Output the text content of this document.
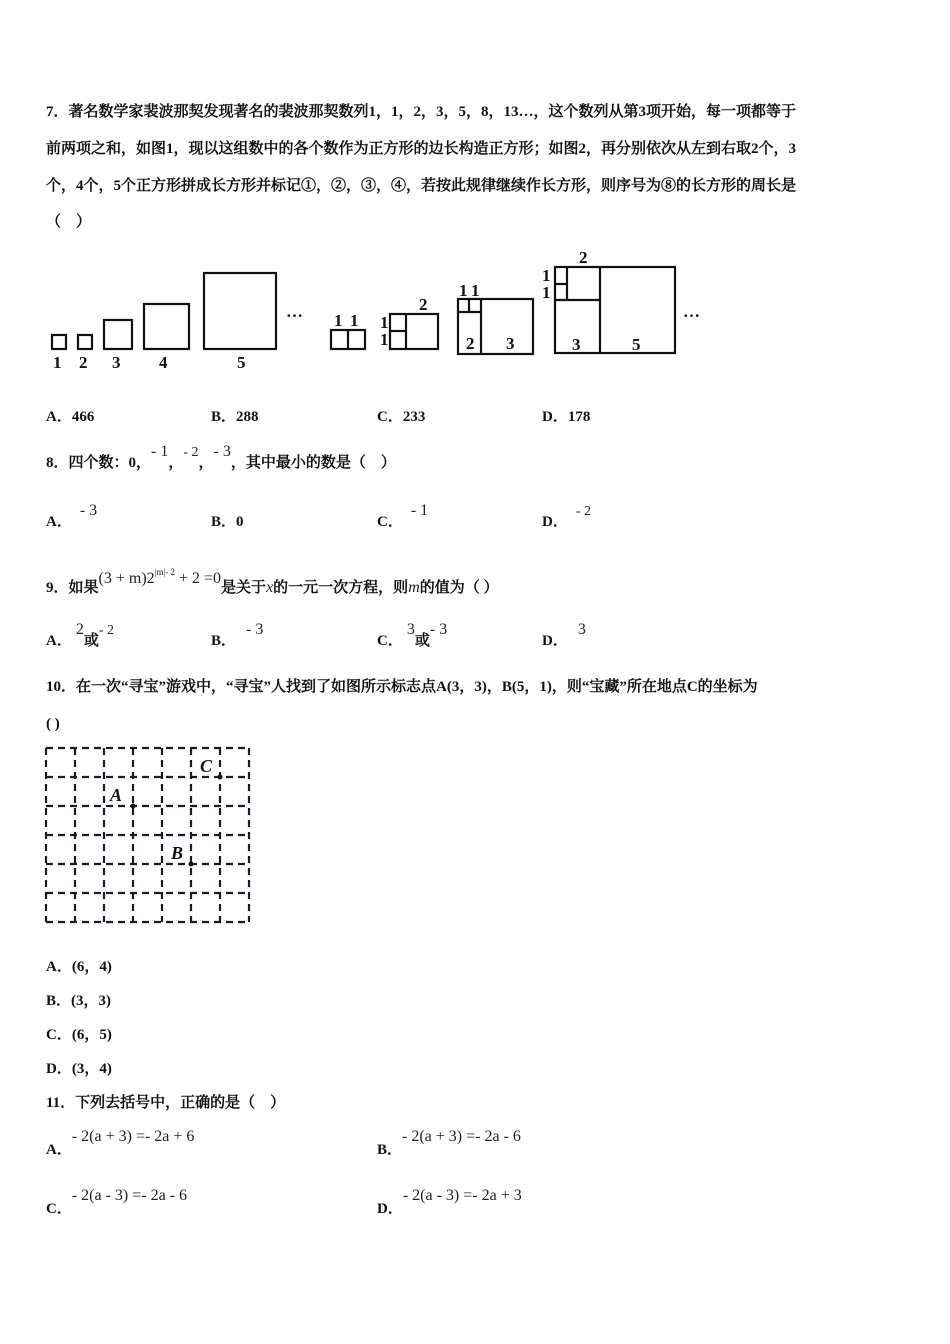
7．著名数学家裴波那契发现著名的裴波那契数列1，1，2，3，5，8，13…，这个数列从第3项开始，每一项都等于
前两项之和，如图1，现以这组数中的各个数作为正方形的边长构造正方形；如图2，再分别依次从左到右取2个，3
个，4个，5个正方形拼成长方形并标记①，②，③，④，若按此规律继续作长方形，则序号为⑧的长方形的周长是
（　）
1 2 3 4	5
… 1 1 1
1
2
1 1
2 3
1
1
2
3	5
…
A．466	B．288	C．233	D．178
8．四个数：0，- 1，- 2，- 3，其中最小的数是（　）
A．- 3
B．0	C．- 1
D．- 2
9．如果$(3 + m)2^{|m|- 2} + 2 =0$是关于x的一元一次方程，则m的值为（ ）
A．2或- 2
B．- 3
C．3或- 3
D．3
10．在一次“寻宝”游戏中，“寻宝”人找到了如图所示标志点A(3，3)，B(5，1)，则“宝藏”所在地点C的坐标为
( )
C
A
B
A．(6，4)
B．(3，3)
C．(6，5)
D．(3，4)
11．下列去括号中，正确的是（　）
A．- 2(a + 3) =- 2a + 6
B．- 2(a + 3) =- 2a - 6
C．- 2(a - 3) =- 2a - 6
D．- 2(a - 3) =- 2a + 3
